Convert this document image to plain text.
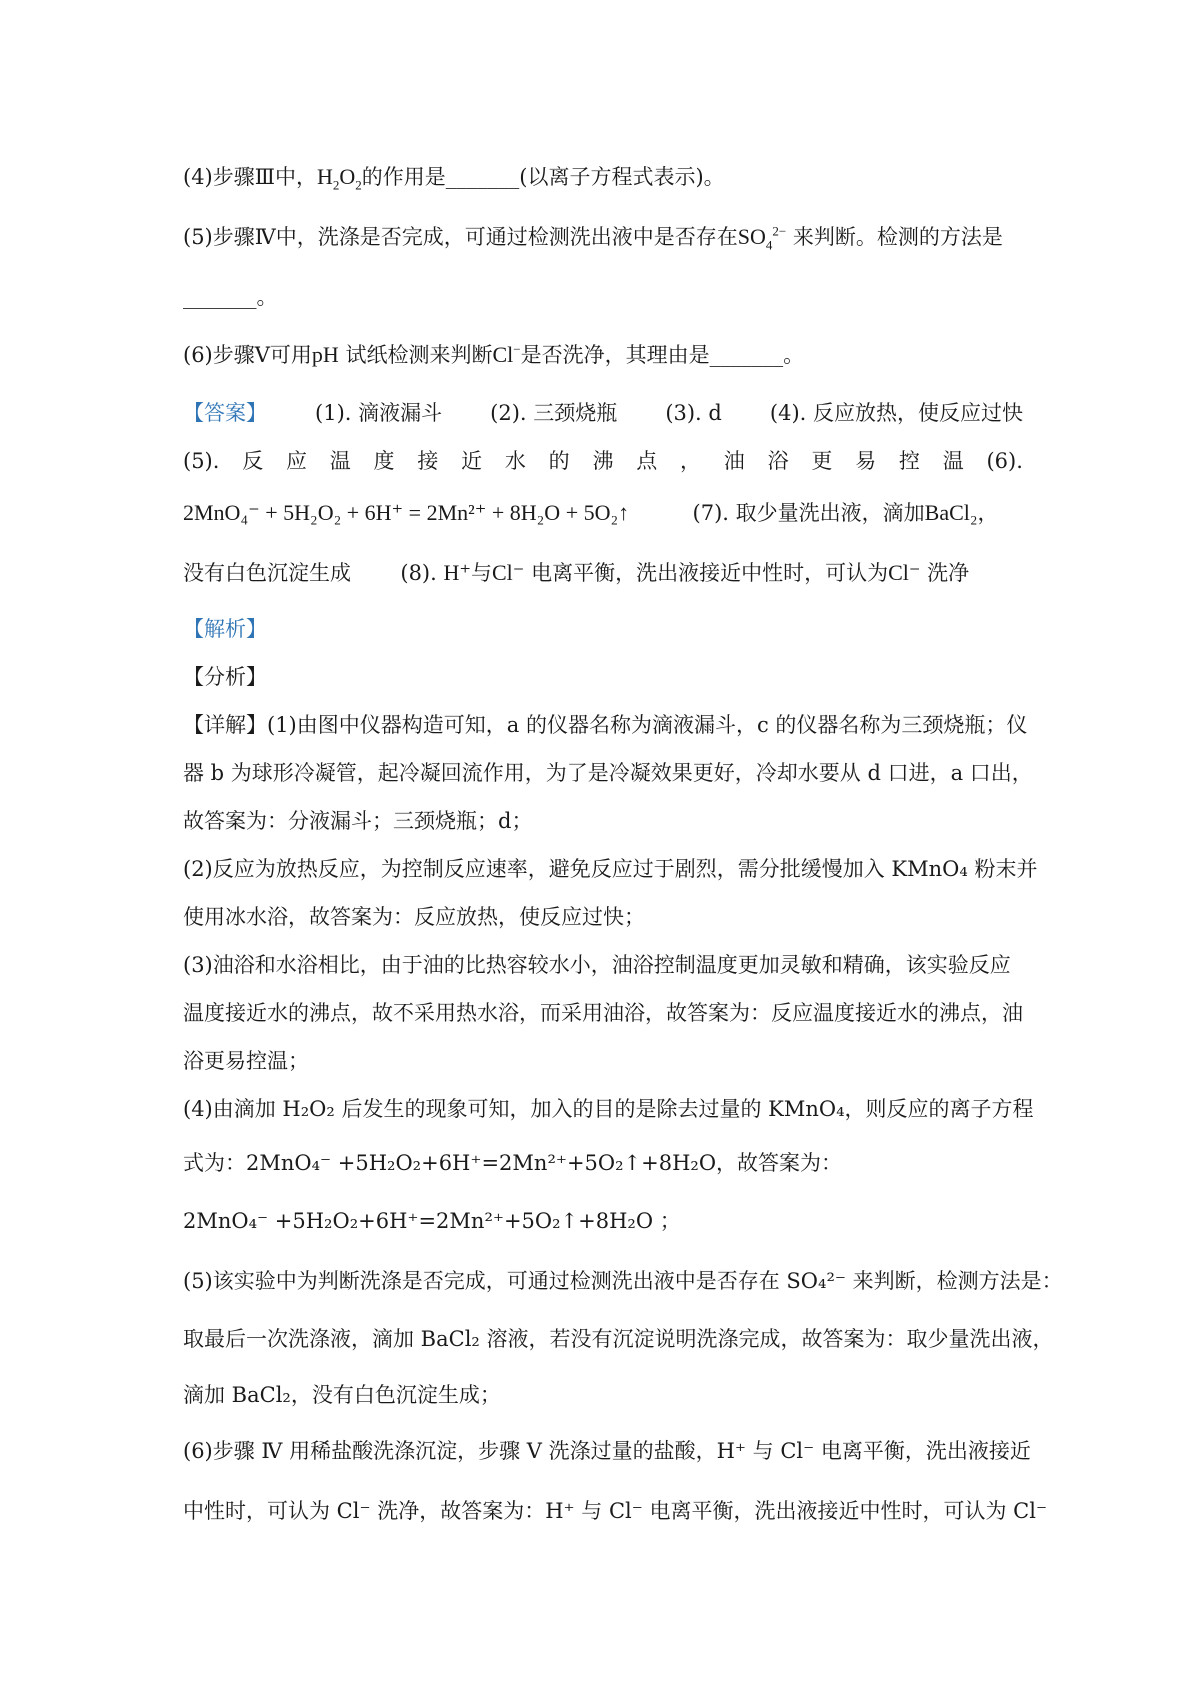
(4)步骤Ⅲ中，$H_2O_2$的作用是_______(以离子方程式表示)。
(5)步骤Ⅳ中，洗涤是否完成，可通过检测洗出液中是否存在$SO_4^{2-}$ 来判断。检测的方法是
_______。
(6)步骤Ⅴ可用pH 试纸检测来判断Cl−是否洗净，其理由是_______。
【答案】 (1). 滴液漏斗 (2). 三颈烧瓶 (3). d (4). 反应放热，使反应过快
(5). 反 应 温 度 接 近 水 的 沸 点 ， 油 浴 更 易 控 温 (6).
2MnO₄⁻ + 5H₂O₂ + 6H⁺ = 2Mn²⁺ + 8H₂O + 5O₂↑	(7). 取少量洗出液，滴加BaCl₂，
没有白色沉淀生成 (8). H⁺与Cl⁻ 电离平衡，洗出液接近中性时，可认为Cl⁻ 洗净
【解析】
【分析】
【详解】(1)由图中仪器构造可知，a 的仪器名称为滴液漏斗，c 的仪器名称为三颈烧瓶；仪
器 b 为球形冷凝管，起冷凝回流作用，为了是冷凝效果更好，冷却水要从 d 口进，a 口出，
故答案为：分液漏斗；三颈烧瓶；d；
(2)反应为放热反应，为控制反应速率，避免反应过于剧烈，需分批缓慢加入 KMnO₄ 粉末并
使用冰水浴，故答案为：反应放热，使反应过快；
(3)油浴和水浴相比，由于油的比热容较水小，油浴控制温度更加灵敏和精确，该实验反应
温度接近水的沸点，故不采用热水浴，而采用油浴，故答案为：反应温度接近水的沸点，油
浴更易控温；
(4)由滴加 H₂O₂ 后发生的现象可知，加入的目的是除去过量的 KMnO₄，则反应的离子方程
式为：2MnO₄⁻ +5H₂O₂+6H⁺=2Mn²⁺+5O₂↑+8H₂O，故答案为：
2MnO₄⁻ +5H₂O₂+6H⁺=2Mn²⁺+5O₂↑+8H₂O ；
(5)该实验中为判断洗涤是否完成，可通过检测洗出液中是否存在 SO₄²⁻ 来判断，检测方法是：
取最后一次洗涤液，滴加 BaCl₂ 溶液，若没有沉淀说明洗涤完成，故答案为：取少量洗出液，
滴加 BaCl₂，没有白色沉淀生成；
(6)步骤 Ⅳ 用稀盐酸洗涤沉淀，步骤 Ⅴ 洗涤过量的盐酸，H⁺ 与 Cl⁻ 电离平衡，洗出液接近
中性时，可认为 Cl⁻ 洗净，故答案为：H⁺ 与 Cl⁻ 电离平衡，洗出液接近中性时，可认为 Cl⁻
